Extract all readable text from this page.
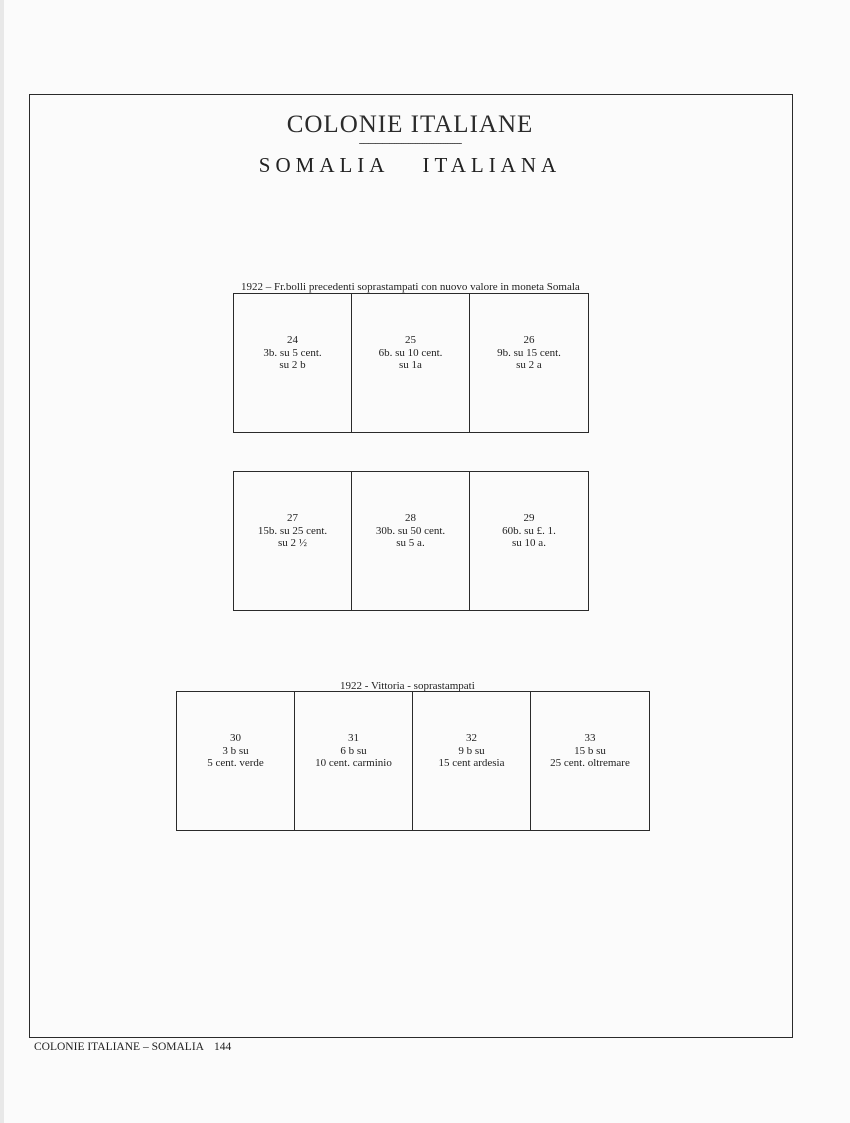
COLONIE ITALIANE
--------------------------------------------
SOMALIA ITALIANA
1922 – Fr.bolli precedenti soprastampati con nuovo valore in moneta Somala
24
3b. su 5 cent.
su 2 b
25
6b. su 10 cent.
su 1a
26
9b. su 15 cent.
su 2 a
27
15b. su 25 cent.
su 2 ½
28
30b. su 50 cent.
su 5 a.
29
60b. su £. 1.
su 10 a.
1922 - Vittoria - soprastampati
30
3 b su
5 cent. verde
31
6 b su
10 cent. carminio
32
9 b su
15 cent ardesia
33
15 b su
25 cent. oltremare
COLONIE ITALIANE – SOMALIA 144
